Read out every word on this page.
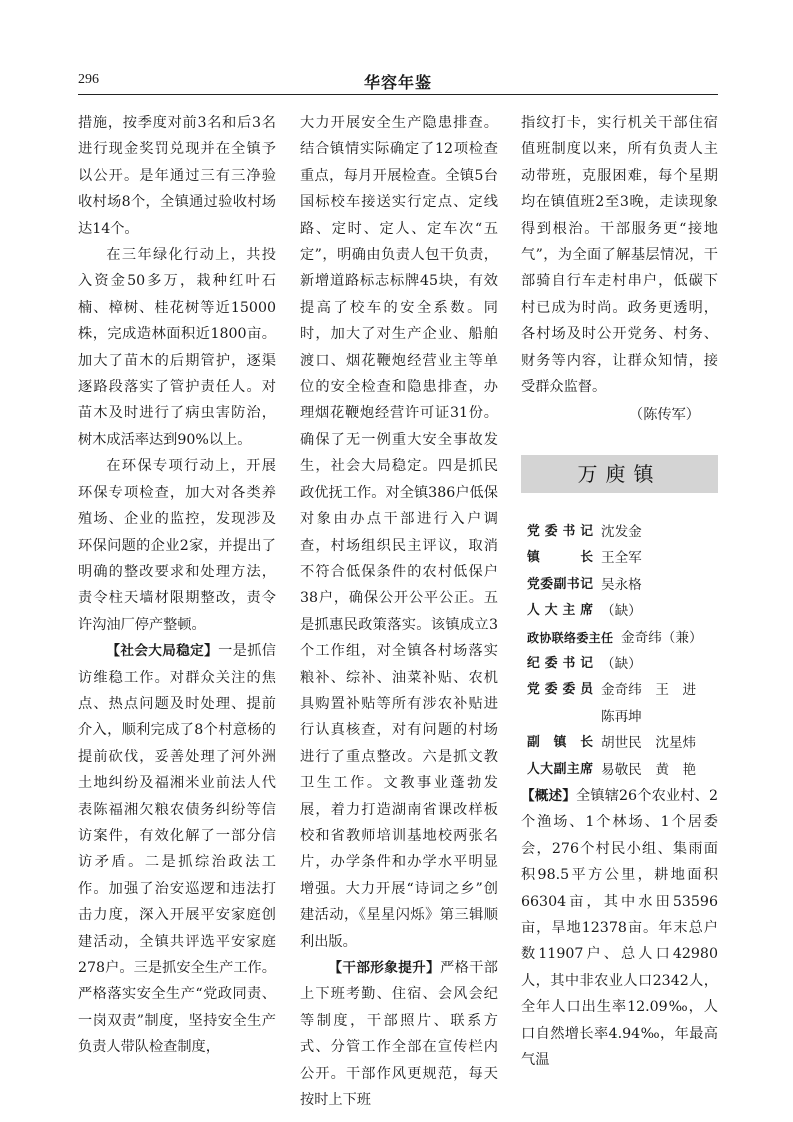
296	华容年鉴

措施，按季度对前3名和后3名进行现金奖罚兑现并在全镇予以公开。是年通过三有三净验收村场8个，全镇通过验收村场达14个。

在三年绿化行动上，共投入资金50多万，栽种红叶石楠、樟树、桂花树等近15000株，完成造林面积近1800亩。加大了苗木的后期管护，逐渠逐路段落实了管护责任人。对苗木及时进行了病虫害防治，树木成活率达到90%以上。

在环保专项行动上，开展环保专项检查，加大对各类养殖场、企业的监控，发现涉及环保问题的企业2家，并提出了明确的整改要求和处理方法，责令柱天墙材限期整改，责令许沟油厂停产整顿。

【社会大局稳定】一是抓信访维稳工作。对群众关注的焦点、热点问题及时处理、提前介入，顺利完成了8个村意杨的提前砍伐，妥善处理了河外洲土地纠纷及福湘米业前法人代表陈福湘欠粮农债务纠纷等信访案件，有效化解了一部分信访矛盾。二是抓综治政法工作。加强了治安巡逻和违法打击力度，深入开展平安家庭创建活动，全镇共评选平安家庭278户。三是抓安全生产工作。严格落实安全生产“党政同责、一岗双责”制度，坚持安全生产负责人带队检查制度，

大力开展安全生产隐患排查。结合镇情实际确定了12项检查重点，每月开展检查。全镇5台国标校车接送实行定点、定线路、定时、定人、定车次“五定”，明确由负责人包干负责，新增道路标志标牌45块，有效提高了校车的安全系数。同时，加大了对生产企业、船舶渡口、烟花鞭炮经营业主等单位的安全检查和隐患排查，办理烟花鞭炮经营许可证31份。确保了无一例重大安全事故发生，社会大局稳定。四是抓民政优抚工作。对全镇386户低保对象由办点干部进行入户调查，村场组织民主评议，取消不符合低保条件的农村低保户38户，确保公开公平公正。五是抓惠民政策落实。该镇成立3个工作组，对全镇各村场落实粮补、综补、油菜补贴、农机具购置补贴等所有涉农补贴进行认真核查，对有问题的村场进行了重点整改。六是抓文教卫生工作。文教事业蓬勃发展，着力打造湖南省课改样板校和省教师培训基地校两张名片，办学条件和办学水平明显增强。大力开展“诗词之乡”创建活动，《星星闪烁》第三辑顺利出版。

【干部形象提升】严格干部上下班考勤、住宿、会风会纪等制度，干部照片、联系方式、分管工作全部在宣传栏内公开。干部作风更规范，每天按时上下班

指纹打卡，实行机关干部住宿值班制度以来，所有负责人主动带班，克服困难，每个星期均在镇值班2至3晚，走读现象得到根治。干部服务更“接地气”，为全面了解基层情况，干部骑自行车走村串户，低碳下村已成为时尚。政务更透明，各村场及时公开党务、村务、财务等内容，让群众知情，接受群众监督。

（陈传军）

万庾镇
党委书记 沈发金
镇长 王全军
党委副书记 吴永格
人大主席 （缺）
政协联络委主任 金奇纬（兼）
纪委书记 （缺）
党委委员 金奇纬　王　进
陈再坤
副镇长 胡世民　沈星炜
人大副主席 易敬民　黄　艳

【概述】全镇辖26个农业村、2个渔场、1个林场、1个居委会，276个村民小组、集雨面积98.5平方公里，耕地面积66304亩，其中水田53596亩，旱地12378亩。年末总户数11907户、总人口42980人，其中非农业人口2342人，全年人口出生率12.09‰，人口自然增长率4.94‰，年最高气温
